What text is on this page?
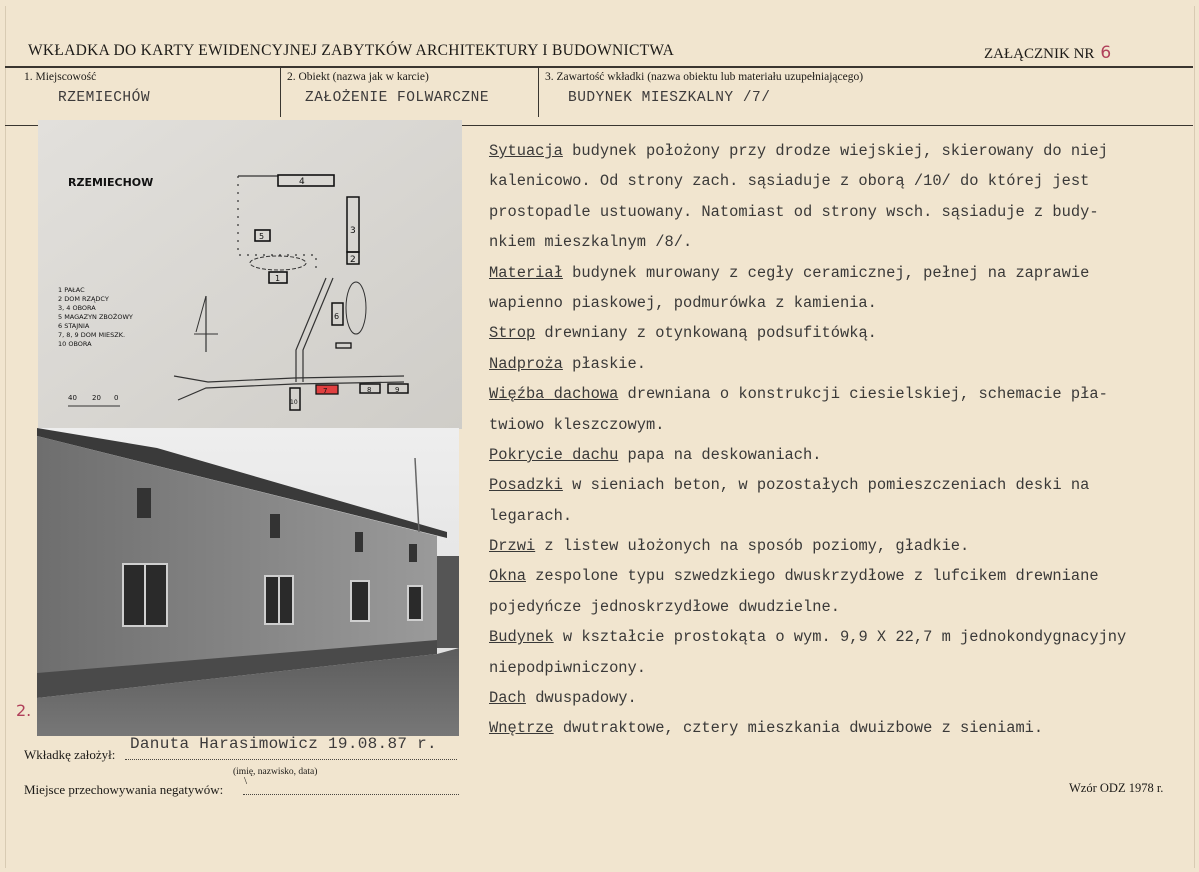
WKŁADKA DO KARTY EWIDENCYJNEJ ZABYTKÓW ARCHITEKTURY I BUDOWNICTWA	ZAŁĄCZNIK NR 6
1. Miejscowość
RZEMIECHÓW
2. Obiekt (nazwa jak w karcie)
ZAŁOŻENIE FOLWARCZNE
3. Zawartość wkładki (nazwa obiektu lub materiału uzupełniającego)
BUDYNEK MIESZKALNY /7/
RZEMIECHOW	4
3
2
5
1
6
7	8	9
10
1 PAŁAC
2 DOM RZĄDCY
3, 4 OBORA
5 MAGAZYN ZBOŻOWY
6 STAJNIA
7, 8, 9 DOM MIESZK.
10 OBORA
40 20 0
Sytuacja budynek położony przy drodze wiejskiej, skierowany do niej
kalenicowo. Od strony zach. sąsiaduje z oborą /10/ do której jest
prostopadle ustuowany. Natomiast od strony wsch. sąsiaduje z budy-
nkiem mieszkalnym /8/.
Materiał budynek murowany z cegły ceramicznej, pełnej na zaprawie
wapienno piaskowej, podmurówka z kamienia.
Strop drewniany z otynkowaną podsufitówką.
Nadproża płaskie.
Więźba dachowa drewniana o konstrukcji ciesielskiej, schemacie pła-
twiowo kleszczowym.
Pokrycie dachu papa na deskowaniach.
Posadzki w sieniach beton, w pozostałych pomieszczeniach deski na
legarach.
Drzwi z listew ułożonych na sposób poziomy, gładkie.
Okna zespolone typu szwedzkiego dwuskrzydłowe z lufcikem drewniane
pojedyńcze jednoskrzydłowe dwudzielne.
Budynek w kształcie prostokąta o wym. 9,9 X 22,7 m jednokondygnacyjny
niepodpiwniczony.
Dach dwuspadowy.
Wnętrze dwutraktowe, cztery mieszkania dwuizbowe z sieniami.
2.
Wkładkę założył:
Danuta Harasimowicz 19.08.87 r.
(imię, nazwisko, data)
Miejsce przechowywania negatywów:
\	Wzór ODZ 1978 r.
